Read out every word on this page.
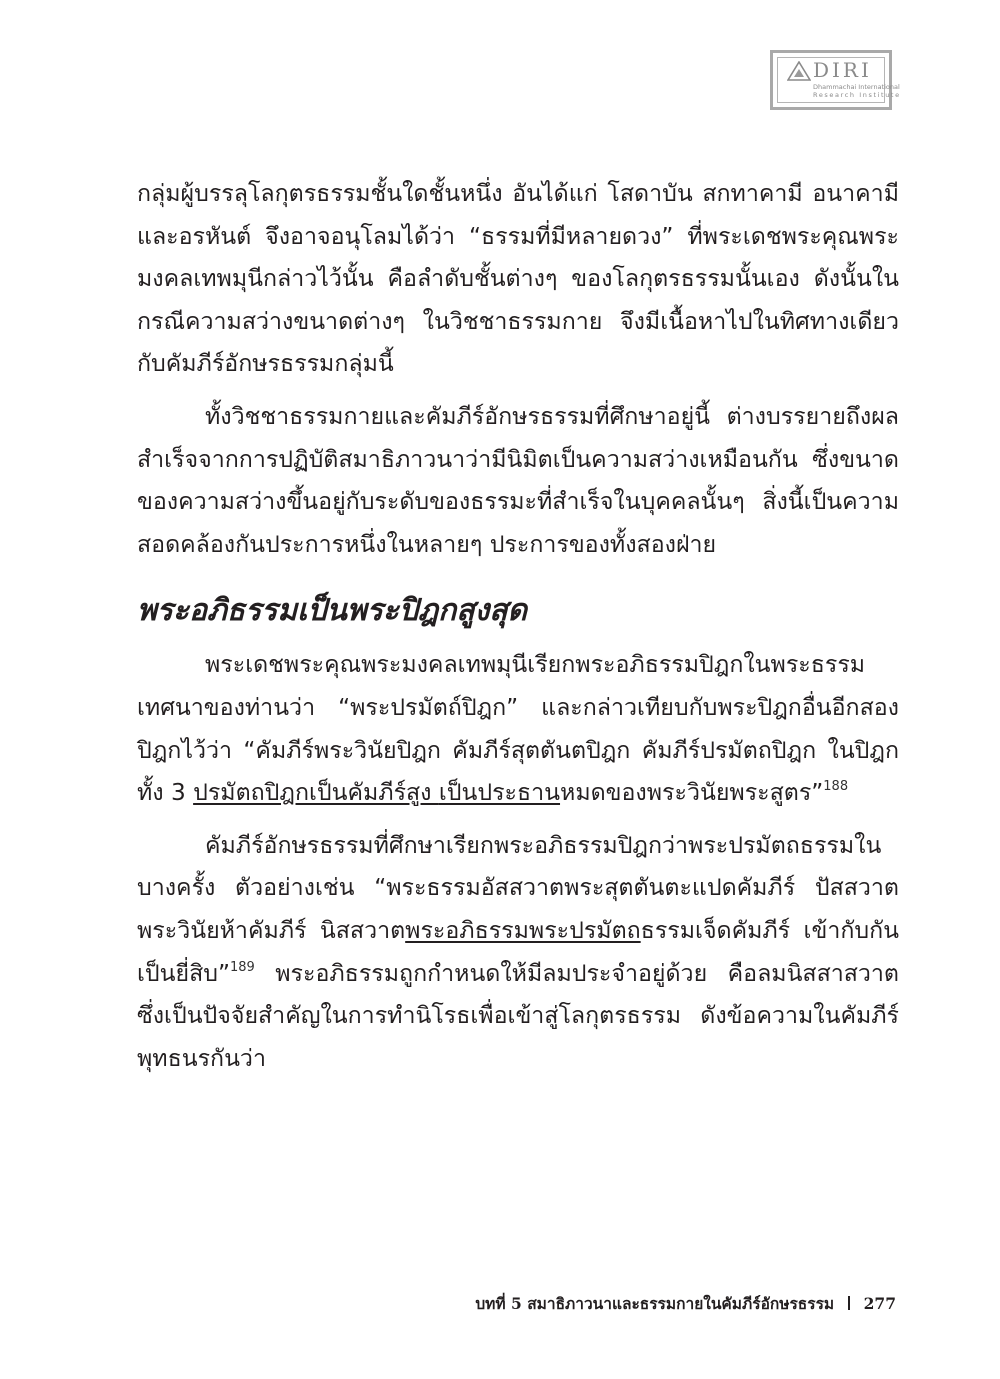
DIRI
Dhammachai International
Research Institute

กลุ่มผู้บรรลุโลกุตรธรรมชั้นใดชั้นหนึ่ง อันได้แก่ โสดาบัน สกทาคามี อนาคามี และอรหันต์ จึงอาจอนุโลมได้ว่า “ธรรมที่มีหลายดวง” ที่พระเดชพระคุณพระมงคลเทพมุนีกล่าวไว้นั้น คือลำดับชั้นต่างๆ ของโลกุตรธรรมนั้นเอง ดังนั้นในกรณีความสว่างขนาดต่างๆ ในวิชชาธรรมกาย จึงมีเนื้อหาไปในทิศทางเดียวกับคัมภีร์อักษรธรรมกลุ่มนี้

ทั้งวิชชาธรรมกายและคัมภีร์อักษรธรรมที่ศึกษาอยู่นี้ ต่างบรรยายถึงผลสำเร็จจากการปฏิบัติสมาธิภาวนาว่ามีนิมิตเป็นความสว่างเหมือนกัน ซึ่งขนาดของความสว่างขึ้นอยู่กับระดับของธรรมะที่สำเร็จในบุคคลนั้นๆ สิ่งนี้เป็นความสอดคล้องกันประการหนึ่งในหลายๆ ประการของทั้งสองฝ่าย

พระอภิธรรมเป็นพระปิฎกสูงสุด

พระเดชพระคุณพระมงคลเทพมุนีเรียกพระอภิธรรมปิฎกในพระธรรมเทศนาของท่านว่า “พระปรมัตถ์ปิฎก” และกล่าวเทียบกับพระปิฎกอื่นอีกสองปิฎกไว้ว่า “คัมภีร์พระวินัยปิฎก คัมภีร์สุตตันตปิฎก คัมภีร์ปรมัตถปิฎก ในปิฎกทั้ง 3 ปรมัตถปิฎกเป็นคัมภีร์สูง เป็นประธานหมดของพระวินัยพระสูตร”$^{188}$

คัมภีร์อักษรธรรมที่ศึกษาเรียกพระอภิธรรมปิฎกว่าพระปรมัตถธรรมในบางครั้ง ตัวอย่างเช่น “พระธรรมอัสสวาตพระสุตตันตะแปดคัมภีร์ ปัสสวาตพระวินัยห้าคัมภีร์ นิสสวาตพระอภิธรรมพระปรมัตถธรรมเจ็ดคัมภีร์ เข้ากับกันเป็นยี่สิบ”$^{189}$ พระอภิธรรมถูกกำหนดให้มีลมประจำอยู่ด้วย คือลมนิสสาสวาต ซึ่งเป็นปัจจัยสำคัญในการทำนิโรธเพื่อเข้าสู่โลกุตรธรรม ดังข้อความในคัมภีร์พุทธนรกันว่า

บทที่ 5 สมาธิภาวนาและธรรมกายในคัมภีร์อักษรธรรม 277
